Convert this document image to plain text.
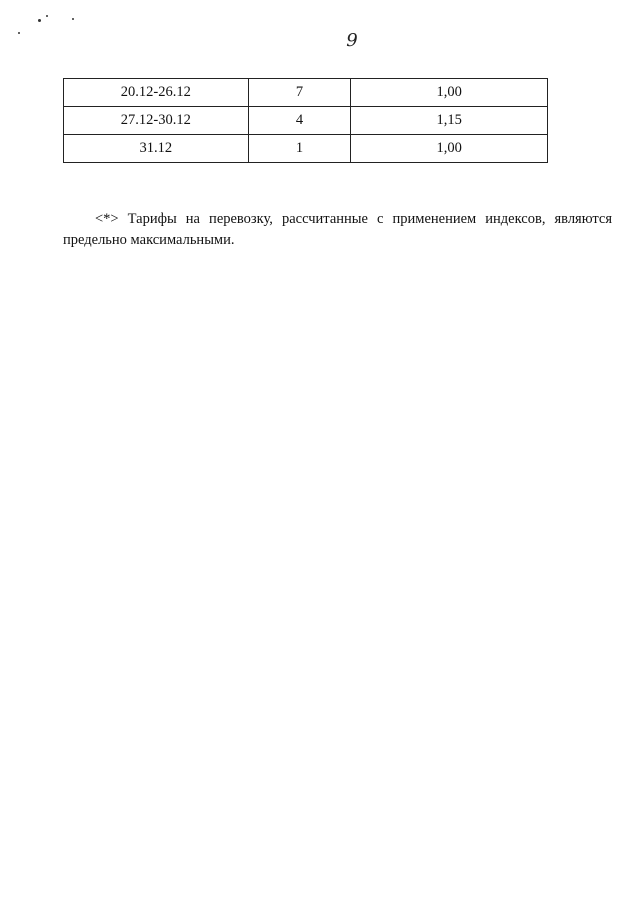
9
20.12-26.12	7	1,00
27.12-30.12	4	1,15
31.12	1	1,00

<*> Тарифы на перевозку, рассчитанные с применением индексов, являются предельно максимальными.
